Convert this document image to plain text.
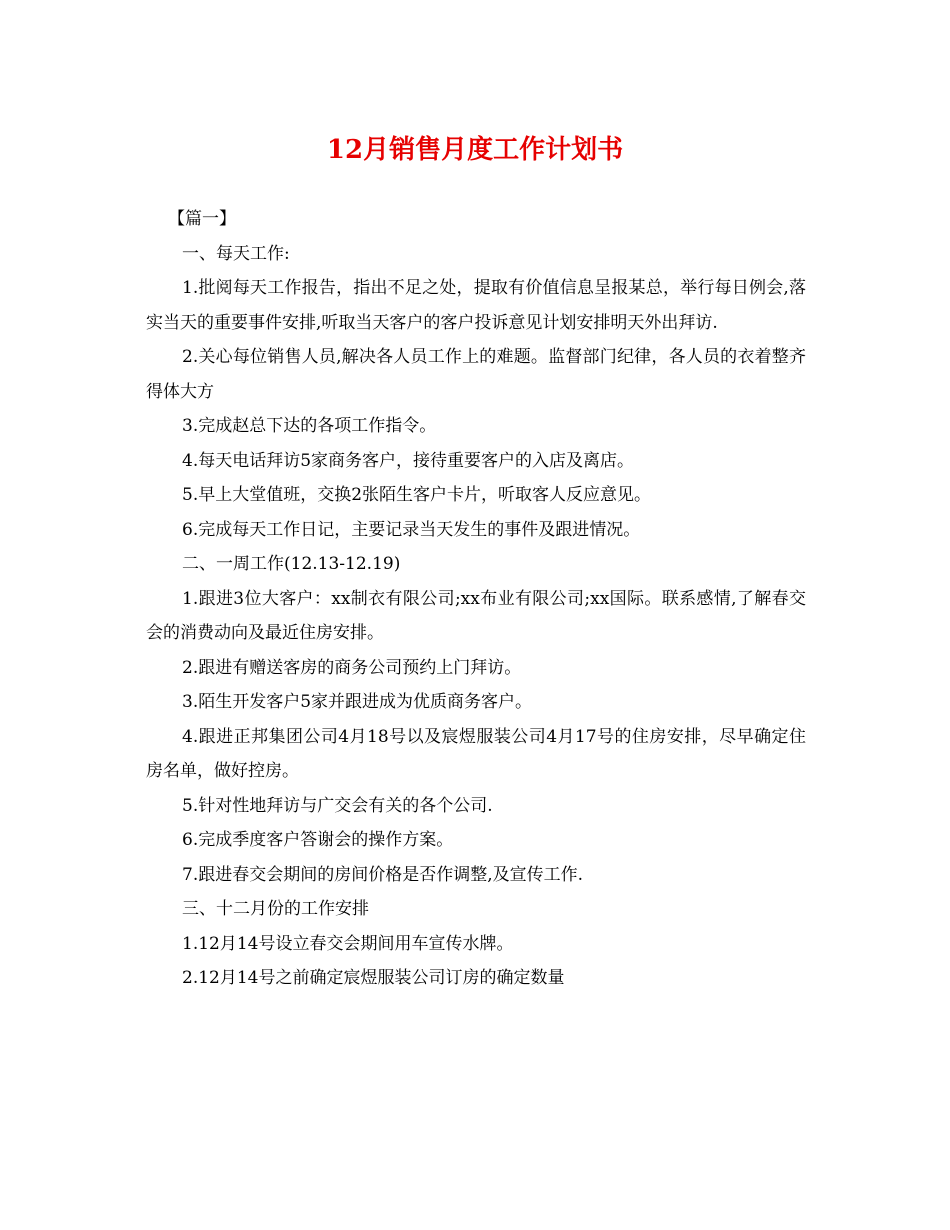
12月销售月度工作计划书

【篇一】

一、每天工作:

1.批阅每天工作报告，指出不足之处，提取有价值信息呈报某总，举行每日例会,落实当天的重要事件安排,听取当天客户的客户投诉意见计划安排明天外出拜访.

2.关心每位销售人员,解决各人员工作上的难题。监督部门纪律，各人员的衣着整齐得体大方

3.完成赵总下达的各项工作指令。

4.每天电话拜访5家商务客户，接待重要客户的入店及离店。

5.早上大堂值班，交换2张陌生客户卡片，听取客人反应意见。

6.完成每天工作日记，主要记录当天发生的事件及跟进情况。

二、一周工作(12.13-12.19)

1.跟进3位大客户：xx制衣有限公司;xx布业有限公司;xx国际。联系感情,了解春交会的消费动向及最近住房安排。

2.跟进有赠送客房的商务公司预约上门拜访。

3.陌生开发客户5家并跟进成为优质商务客户。

4.跟进正邦集团公司4月18号以及宸煜服装公司4月17号的住房安排，尽早确定住房名单，做好控房。

5.针对性地拜访与广交会有关的各个公司.

6.完成季度客户答谢会的操作方案。

7.跟进春交会期间的房间价格是否作调整,及宣传工作.

三、十二月份的工作安排

1.12月14号设立春交会期间用车宣传水牌。

2.12月14号之前确定宸煜服装公司订房的确定数量
